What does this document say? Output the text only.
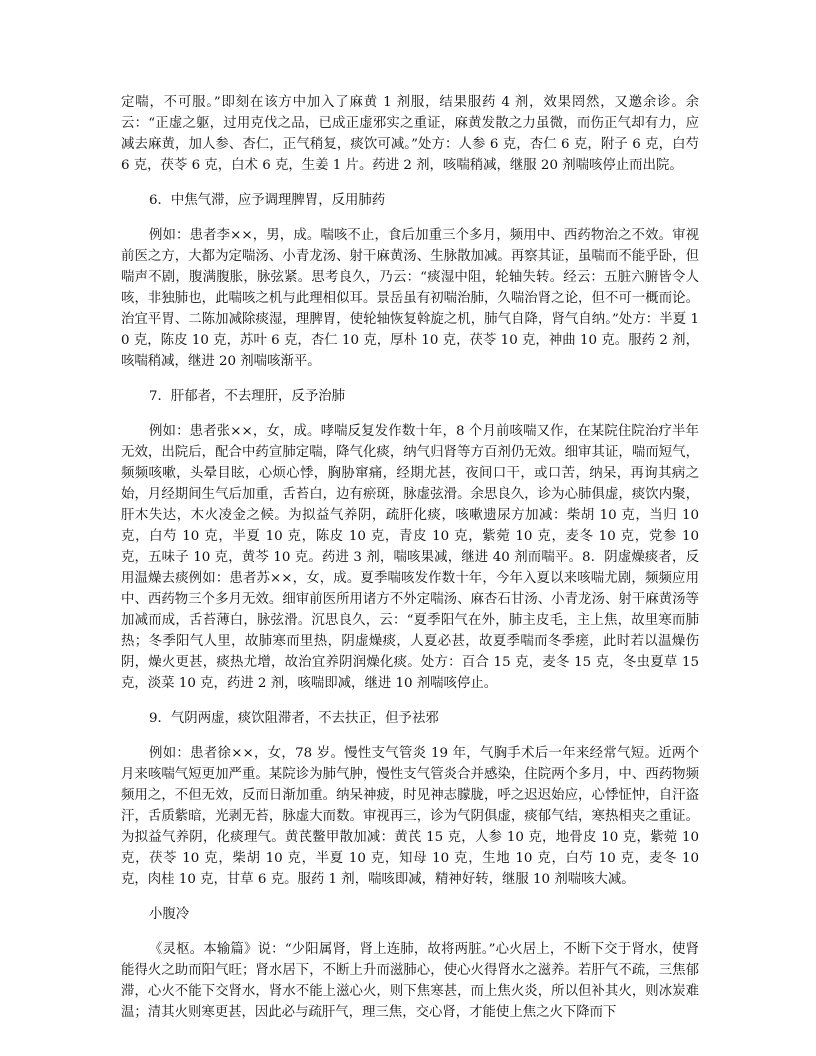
定喘，不可服。”即刻在该方中加入了麻黄 1 剂服，结果服药 4 剂，效果罔然，又邀余诊。余云：“正虚之躯，过用克伐之品，已成正虚邪实之重证，麻黄发散之力虽微，而伤正气却有力，应减去麻黄，加人参、杏仁，正气稍复，痰饮可减。”处方：人参 6 克，杏仁 6 克，附子 6 克，白芍 6 克，茯苓 6 克，白术 6 克，生姜 1 片。药进 2 剂，咳喘稍减，继服 20 剂喘咳停止而出院。

6．中焦气滞，应予调理脾胃，反用肺药

例如：患者李××，男，成。喘咳不止，食后加重三个多月，频用中、西药物治之不效。审视前医之方，大都为定喘汤、小青龙汤、射干麻黄汤、生脉散加减。再察其证，虽喘而不能乎卧，但喘声不剧，腹满腹胀，脉弦紧。思考良久，乃云：“痰湿中阻，轮轴失转。经云：五脏六腑皆令人咳，非独肺也，此喘咳之机与此理相似耳。景岳虽有初喘治肺，久喘治肾之论，但不可一概而论。治宜平胃、二陈加减除痰湿，理脾胃，使轮轴恢复斡旋之机，肺气自降，肾气自纳。”处方：半夏 10 克，陈皮 10 克，苏叶 6 克，杏仁 10 克，厚朴 10 克，茯苓 10 克，神曲 10 克。服药 2 剂，咳喘稍减，继进 20 剂喘咳渐平。

7．肝郁者，不去理肝，反予治肺

例如：患者张××，女，成。哮喘反复发作数十年，8 个月前咳喘又作，在某院住院治疗半年无效，出院后，配合中药宣肺定喘，降气化痰，纳气归肾等方百剂仍无效。细审其证，喘而短气，频频咳嗽，头晕目眩，心烦心悸，胸胁窜痛，经期尤甚，夜间口干，或口苦，纳呆，再询其病之始，月经期间生气后加重，舌苔白，边有瘀斑，脉虚弦滑。余思良久，诊为心肺俱虚，痰饮内聚，肝木失达，木火凌金之候。为拟益气养阴，疏肝化痰，咳嗽遗尿方加减：柴胡 10 克，当归 10 克，白芍 10 克，半夏 10 克，陈皮 10 克，青皮 10 克，紫菀 10 克，麦冬 10 克，党参 10 克，五味子 10 克，黄芩 10 克。药进 3 剂，喘咳果减，继进 40 剂而喘平。8．阴虚燥痰者，反用温燥去痰例如：患者苏××，女，成。夏季喘咳发作数十年，今年入夏以来咳喘尤剧，频频应用中、西药物三个多月无效。细审前医所用诸方不外定喘汤、麻杏石甘汤、小青龙汤、射干麻黄汤等加减而成，舌苔薄白，脉弦滑。沉思良久，云：“夏季阳气在外，肺主皮毛，主上焦，故里寒而肺热；冬季阳气人里，故肺寒而里热，阴虚燥痰，人夏必甚，故夏季喘而冬季瘥，此时若以温燥伤阴，燥火更甚，痰热尤增，故治宜养阴润燥化痰。处方：百合 15 克，麦冬 15 克，冬虫夏草 15 克，淡菜 10 克，药进 2 剂，咳喘即减，继进 10 剂喘咳停止。

9．气阴两虚，痰饮阻滞者，不去扶正，但予祛邪

例如：患者徐××，女，78 岁。慢性支气管炎 19 年，气胸手术后一年来经常气短。近两个月来咳喘气短更加严重。某院诊为肺气肿，慢性支气管炎合并感染，住院两个多月，中、西药物频频用之，不但无效，反而日渐加重。纳呆神疲，时见神志朦胧，呼之迟迟始应，心悸怔忡，自汗盗汗，舌质紫暗，光剥无苔，脉虚大而数。审视再三，诊为气阴俱虚，痰郁气结，寒热相夹之重证。为拟益气养阴，化痰理气。黄芪鳖甲散加减：黄芪 15 克，人参 10 克，地骨皮 10 克，紫菀 10 克，茯苓 10 克，柴胡 10 克，半夏 10 克，知母 10 克，生地 10 克，白芍 10 克，麦冬 10 克，肉桂 10 克，甘草 6 克。服药 1 剂，喘咳即减，精神好转，继服 10 剂喘咳大减。

小腹冷

《灵枢。本输篇》说：“少阳属肾，肾上连肺，故将两脏。”心火居上，不断下交于肾水，使肾能得火之助而阳气旺；肾水居下，不断上升而滋肺心，使心火得肾水之滋养。若肝气不疏，三焦郁滞，心火不能下交肾水，肾水不能上滋心火，则下焦寒甚，而上焦火炎，所以但补其火，则冰炭难温；清其火则寒更甚，因此必与疏肝气，理三焦，交心肾，才能使上焦之火下降而下
